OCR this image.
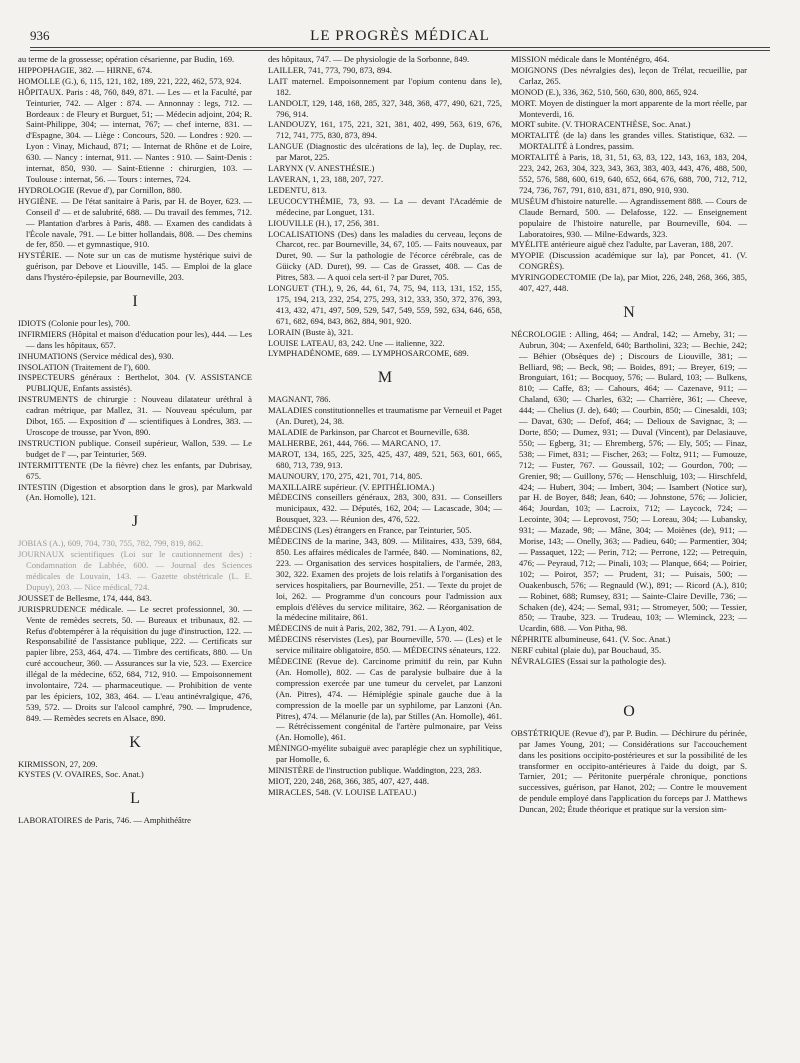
936	LE PROGRÈS MÉDICAL

au terme de la grossesse; opération césarienne, par Budin, 169.

HIPPOPHAGIE, 382. — HIRNE, 674.

HOMOLLE (G.), 6, 115, 121, 182, 189, 221, 222, 462, 573, 924.

HÔPITAUX. Paris : 48, 760, 849, 871. — Les — et la Faculté, par Teinturier, 742. — Alger : 874. — Annonnay : legs, 712. — Bordeaux : de Fleury et Burguet, 51; — Médecin adjoint, 204; R. Saint-Philippe, 304; — internat, 767; — chef interne, 831. — d'Espagne, 304. — Liège : Concours, 520. — Londres : 920. — Lyon : Vinay, Michaud, 871; — Internat de Rhône et de Loire, 630. — Nancy : internat, 911. — Nantes : 910. — Saint-Denis : internat, 850, 930. — Saint-Etienne : chirurgien, 103. — Toulouse : internat, 56. — Tours : internes, 724.

HYDROLOGIE (Revue d'), par Cornillon, 880.

HYGIÈNE. — De l'état sanitaire à Paris, par H. de Boyer, 623. — Conseil d' — et de salubrité, 688. — Du travail des femmes, 712. — Plantation d'arbres à Paris, 488. — Examen des candidats à l'École navale, 791. — Le bitter hollandais, 808. — Des chemins de fer, 850. — et gymnastique, 910.

HYSTÉRIE. — Note sur un cas de mutisme hystérique suivi de guérison, par Debove et Liouville, 145. — Emploi de la glace dans l'hystéro-épilepsie, par Bourneville, 203.

I

IDIOTS (Colonie pour les), 700.

INFIRMIERS (Hôpital et maison d'éducation pour les), 444. — Les — dans les hôpitaux, 657.

INHUMATIONS (Service médical des), 930.

INSOLATION (Traitement de l'), 600.

INSPECTEURS généraux : Berthelot, 304. (V. ASSISTANCE PUBLIQUE, Enfants assistés).

INSTRUMENTS de chirurgie : Nouveau dilatateur uréthral à cadran métrique, par Mallez, 31. — Nouveau spéculum, par Dibot, 165. — Exposition d' — scientifiques à Londres, 383. — Uroscope de trousse, par Yvon, 890.

INSTRUCTION publique. Conseil supérieur, Wallon, 539. — Le budget de l' —, par Teinturier, 569.

INTERMITTENTE (De la fièvre) chez les enfants, par Dubrisay, 675.

INTESTIN (Digestion et absorption dans le gros), par Markwald (An. Homolle), 121.

J

JOBIAS (A.), 609, 704, 730, 755, 782, 799, 819, 862.

JOURNAUX scientifiques (Loi sur le cautionnement des) : Condamnation de Labbée, 600. — Journal des Sciences médicales de Louvain, 143. — Gazette obstétricale (L. E. Dupuy), 203. — Nice médical, 724.

JOUSSET de Bellesme, 174, 444, 843.

JURISPRUDENCE médicale. — Le secret professionnel, 30. — Vente de remèdes secrets, 50. — Bureaux et tribunaux, 82. — Refus d'obtempérer à la réquisition du juge d'instruction, 122. — Responsabilité de l'assistance publique, 222. — Certificats sur papier libre, 253, 464, 474. — Timbre des certificats, 880. — Un curé accoucheur, 360. — Assurances sur la vie, 523. — Exercice illégal de la médecine, 652, 684, 712, 910. — Empoisonnement involontaire, 724. — pharmaceutique. — Prohibition de vente par les épiciers, 102, 383, 464. — L'eau antinévralgique, 476, 539, 572. — Droits sur l'alcool camphré, 790. — Imprudence, 849. — Remèdes secrets en Alsace, 890.

K

KIRMISSON, 27, 209.

KYSTES (V. OVAIRES, Soc. Anat.)

L

LABORATOIRES de Paris, 746. — Amphithéâtre

des hôpitaux, 747. — De physiologie de la Sorbonne, 849.

LAILLER, 741, 773, 790, 873, 894.

LAIT maternel. Empoisonnement par l'opium contenu dans le), 182.

LANDOLT, 129, 148, 168, 285, 327, 348, 368, 477, 490, 621, 725, 796, 914.

LANDOUZY, 161, 175, 221, 321, 381, 402, 499, 563, 619, 676, 712, 741, 775, 830, 873, 894.

LANGUE (Diagnostic des ulcérations de la), leç. de Duplay, rec. par Marot, 225.

LARYNX (V. ANESTHÉSIE.)

LAVERAN, 1, 23, 188, 207, 727.

LEDENTU, 813.

LEUCOCYTHÉMIE, 73, 93. — La — devant l'Académie de médecine, par Longuet, 131.

LIOUVILLE (H.), 17, 256, 381.

LOCALISATIONS (Des) dans les maladies du cerveau, leçons de Charcot, rec. par Bourneville, 34, 67, 105. — Faits nouveaux, par Duret, 90. — Sur la pathologie de l'écorce cérébrale, cas de Güicky (AD. Duret), 99. — Cas de Grasset, 408. — Cas de Pitres, 583. — A quoi cela sert-il ? par Duret, 705.

LONGUET (TH.), 9, 26, 44, 61, 74, 75, 94, 113, 131, 152, 155, 175, 194, 213, 232, 254, 275, 293, 312, 333, 350, 372, 376, 393, 413, 432, 471, 497, 509, 529, 547, 549, 559, 592, 634, 646, 658, 671, 682, 694, 843, 862, 884, 901, 920.

LORAIN (Buste à), 321.

LOUISE LATEAU, 83, 242. Une — italienne, 322.

LYMPHADÉNOME, 689. — LYMPHOSARCOME, 689.

M

MAGNANT, 786.

MALADIES constitutionnelles et traumatisme par Verneuil et Paget (An. Duret), 24, 38.

MALADIE de Parkinson, par Charcot et Bourneville, 638.

MALHERBE, 261, 444, 766. — MARCANO, 17.

MAROT, 134, 165, 225, 325, 425, 437, 489, 521, 563, 601, 665, 680, 713, 739, 913.

MAUNOURY, 170, 275, 421, 701, 714, 805.

MAXILLAIRE supérieur. (V. EPITHÉLIOMA.)

MÉDECINS conseillers généraux, 283, 300, 831. — Conseillers municipaux, 432. — Députés, 162, 204; — Lacascade, 304; — Bousquet, 323. — Réunion des, 476, 522.

MÉDECINS (Les) étrangers en France, par Teinturier, 505.

MÉDECINS de la marine, 343, 809. — Militaires, 433, 539, 684, 850. Les affaires médicales de l'armée, 840. — Nominations, 82, 223. — Organisation des services hospitaliers, de l'armée, 283, 302, 322. Examen des projets de lois relatifs à l'organisation des services hospitaliers, par Bourneville, 251. — Texte du projet de loi, 262. — Programme d'un concours pour l'admission aux emplois d'élèves du service militaire, 362. — Réorganisation de la médecine militaire, 861.

MÉDECINS de nuit à Paris, 202, 382, 791. — A Lyon, 402.

MÉDECINS réservistes (Les), par Bourneville, 570. — (Les) et le service militaire obligatoire, 850. — MÉDECINS sénateurs, 122.

MÉDECINE (Revue de). Carcinome primitif du rein, par Kuhn (An. Homolle), 802. — Cas de paralysie bulbaire due à la compression exercée par une tumeur du cervelet, par Lanzoni (An. Pitres), 474. — Hémiplégie spinale gauche due à la compression de la moelle par un syphilome, par Lanzoni (An. Pitres), 474. — Mélanurie (de la), par Stilles (An. Homolle), 461. — Rétrécissement congénital de l'artère pulmonaire, par Veiss (An. Homolle), 461.

MÉNINGO-myélite subaiguë avec paraplégie chez un syphilitique, par Homolle, 6.

MINISTÈRE de l'instruction publique. Waddington, 223, 283.

MIOT, 220, 248, 268, 366, 385, 407, 427, 448.

MIRACLES, 548. (V. LOUISE LATEAU.)

MISSION médicale dans le Monténégro, 464.

MOIGNONS (Des névralgies des), leçon de Trélat, recueillie, par Carlaz, 265.

MONOD (E.), 336, 362, 510, 560, 630, 800, 865, 924.

MORT. Moyen de distinguer la mort apparente de la mort réelle, par Monteverdi, 16.

MORT subite. (V. THORACENTHÈSE, Soc. Anat.)

MORTALITÉ (de la) dans les grandes villes. Statistique, 632. — MORTALITÉ à Londres, passim.

MORTALITÉ à Paris, 18, 31, 51, 63, 83, 122, 143, 163, 183, 204, 223, 242, 263, 304, 323, 343, 363, 383, 403, 443, 476, 488, 500, 552, 576, 588, 600, 619, 640, 652, 664, 676, 688, 700, 712, 712, 724, 736, 767, 791, 810, 831, 871, 890, 910, 930.

MUSÉUM d'histoire naturelle. — Agrandissement 888. — Cours de Claude Bernard, 500. — Delafosse, 122. — Enseignement populaire de l'histoire naturelle, par Bourneville, 604. — Laboratoires, 930. — Milne-Edwards, 323.

MYÉLITE antérieure aiguë chez l'adulte, par Laveran, 188, 207.

MYOPIE (Discussion académique sur la), par Poncet, 41. (V. CONGRÈS).

MYRINGODECTOMIE (De la), par Miot, 226, 248, 268, 366, 385, 407, 427, 448.

N

NÉCROLOGIE : Alling, 464; — Andral, 142; — Arneby, 31; — Aubrun, 304; — Axenfeld, 640; Bartholini, 323; — Bechie, 242; — Béhier (Obsèques de) ; Discours de Liouville, 381; — Belliard, 98; — Beck, 98; — Boides, 891; — Breyer, 619; — Bronguiart, 161; — Bocquoy, 576; — Bulard, 103; — Bulkens, 810; — Caffe, 83; — Cahours, 464; — Cazenave, 911; — Chaland, 630; — Charles, 632; — Charrière, 361; — Cheeve, 444; — Chelius (J. de), 640; — Courbin, 850; — Cinesaldi, 103; — Davat, 630; — Defof, 464; — Delioux de Savignac, 3; — Dorte, 850; — Dumez, 931; — Duval (Vincent), par Delasiauve, 550; — Egberg, 31; — Ehremberg, 576; — Ely, 505; — Finaz, 538; — Fimet, 831; — Fischer, 263; — Foltz, 911; — Fumouze, 712; — Fuster, 767. — Goussail, 102; — Gourdon, 700; — Grenier, 98; — Guillony, 576; — Henschluig, 103; — Hirschfeld, 424; — Hubert, 304; — Imbert, 304; — Isambert (Notice sur), par H. de Boyer, 848; Jean, 640; — Johnstone, 576; — Jolicier, 464; Jourdan, 103; — Lacroix, 712; — Laycock, 724; — Lecointe, 304; — Leprovost, 750; — Loreau, 304; — Lubansky, 931; — Mazade, 98; — Mâne, 304; — Moiènes (de), 911; — Morise, 143; — Onelly, 363; — Padieu, 640; — Parmentier, 304; — Passaquet, 122; — Perin, 712; — Perrone, 122; — Petrequin, 476; — Peyraud, 712; — Pinali, 103; — Planque, 664; — Poirier, 102; — Poirot, 357; — Prudent, 31; — Puisais, 500; — Ouakenbusch, 576; — Regnauld (W.), 891; — Ricord (A.), 810; — Robinet, 688; Rumsey, 831; — Sainte-Claire Deville, 736; — Schaken (de), 424; — Semal, 931; — Stromeyer, 500; — Tessier, 850; — Traube, 323. — Trudeau, 103; — Wleminck, 223; — Ucardin, 688. — Von Pitha, 98.

NÉPHRITE albumineuse, 641. (V. Soc. Anat.)

NERF cubital (plaie du), par Bouchaud, 35.

NÉVRALGIES (Essai sur la pathologie des).

O

OBSTÉTRIQUE (Revue d'), par P. Budin. — Déchirure du périnée, par James Young, 201; — Considérations sur l'accouchement dans les positions occipito-postérieures et sur la possibilité de les transformer en occipito-antérieures à l'aide du doigt, par S. Tarnier, 201; — Péritonite puerpérale chronique, ponctions successives, guérison, par Hanot, 202; — Contre le mouvement de pendule employé dans l'application du forceps par J. Matthews Duncan, 202; Étude théorique et pratique sur la version sim-
